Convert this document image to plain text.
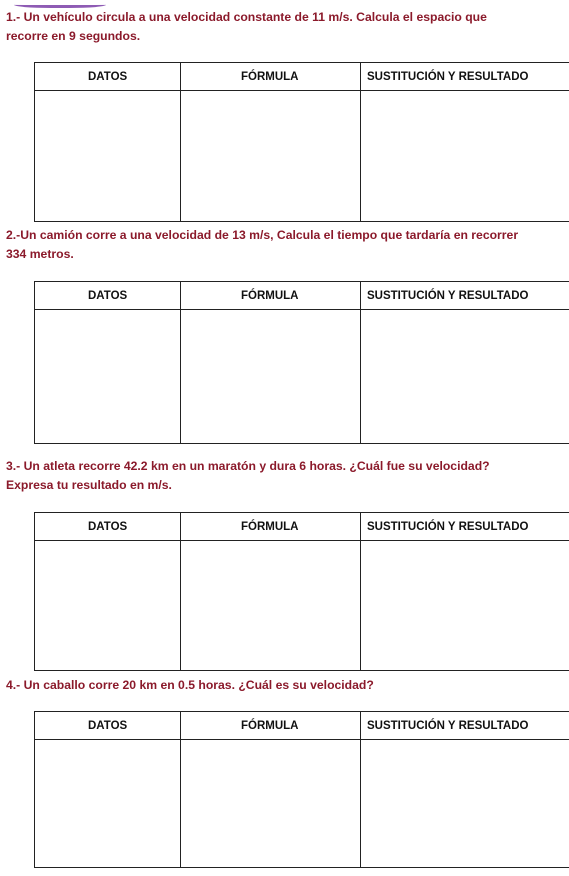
1.- Un vehículo circula a una velocidad constante de 11 m/s. Calcula el espacio que
recorre en 9 segundos.
DATOS	FÓRMULA	SUSTITUCIÓN Y RESULTADO

2.-Un camión corre a una velocidad de 13 m/s, Calcula el tiempo que tardaría en recorrer
334 metros.
DATOS	FÓRMULA	SUSTITUCIÓN Y RESULTADO

3.- Un atleta recorre 42.2 km en un maratón y dura 6 horas. ¿Cuál fue su velocidad?
Expresa tu resultado en m/s.
DATOS	FÓRMULA	SUSTITUCIÓN Y RESULTADO

4.- Un caballo corre 20 km en 0.5 horas. ¿Cuál es su velocidad?
DATOS	FÓRMULA	SUSTITUCIÓN Y RESULTADO
